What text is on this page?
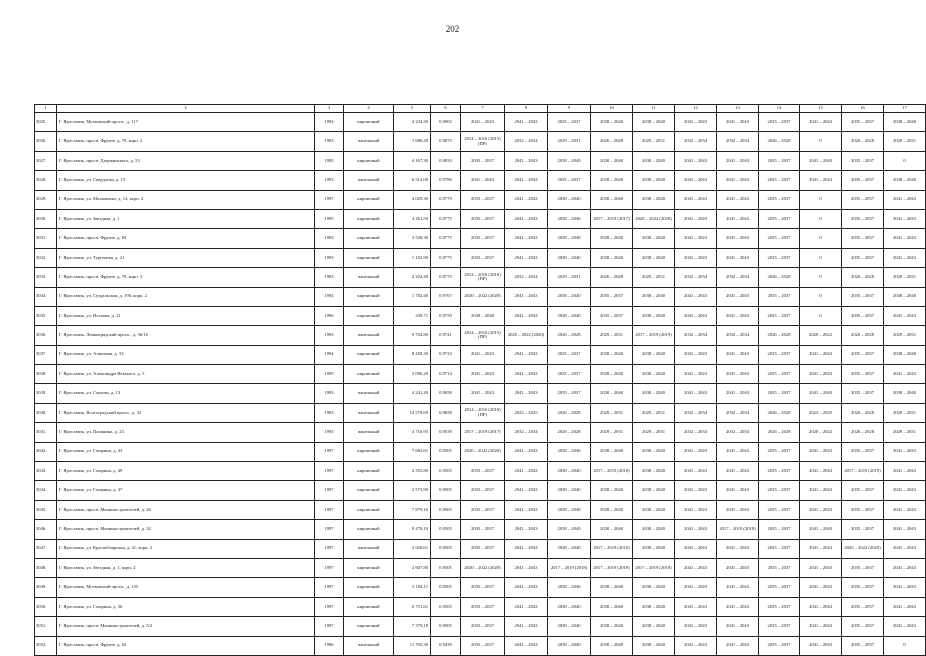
202
1	2	3	4	5	6	7	8	9	10	11	12	13	14	15	16	17
3025.	Г. Ярославль, Московский просп., д. 117	1992	кирпичный	4 234,30	0,9902	2041 – 2043	2041 – 2043	2035 – 2037	2038 – 2040	2038 – 2040	2041 – 2043	2041 – 2043	2035 – 2037	2041 – 2043	2035 – 2037	2038 – 2040
3026.	Г. Ярославль, просп. Фрунзе, д. 79, корп. 2	1993	панельный	1 686,20	0,9875	2014 – 2016 (2015) (ПР)	2032 – 2034	2029 – 2031	2026 – 2028	2029 – 2031	2032 – 2034	2032 – 2034	2026 – 2028	0	2026 – 2028	2029 – 2031
3027.	Г. Ярославль, просп. Дзержинского, д. 53	1995	кирпичный	4 167,30	0,9833	2035 – 2037	2041 – 2043	2038 – 2040	2038 – 2040	2038 – 2040	2041 – 2043	2041 – 2043	2035 – 2037	2041 – 2043	2035 – 2037	0
3028.	Г. Ярославль, ул. Свердлова, д. 15	1993	панельный	6 512,00	0,9786	2041 – 2043	2041 – 2043	2035 – 2037	2038 – 2040	2038 – 2040	2041 – 2043	2041 – 2043	2035 – 2037	2041 – 2043	2035 – 2037	2038 – 2040
3029.	Г. Ярославль, ул. Малашенко, д. 14, корп. 2	1997	кирпичный	4 029,30	0,9779	2035 – 2037	2041 – 2043	2038 – 2040	2038 – 2040	2038 – 2040	2041 – 2043	2041 – 2043	2035 – 2037	0	2035 – 2037	2041 – 2043
3030.	Г. Ярославль, ул. Звездная, д. 1	1995	кирпичный	4 261,50	0,9775	2035 – 2037	2041 – 2043	2038 – 2040	2017 – 2019 (2017)	2020 – 2022 (2020)	2041 – 2043	2041 – 2043	2035 – 2037	0	2035 – 2037	2041 – 2043
3031.	Г. Ярославль, просп. Фрунзе, д. 83	1993	кирпичный	3 528,30	0,9775	2035 – 2037	2041 – 2043	2038 – 2040	2038 – 2040	2038 – 2040	2041 – 2043	2041 – 2043	2035 – 2037	0	2035 – 2037	2041 – 2043
3032.	Г. Ярославль, ул. Тургенева, д. 21	1993	кирпичный	1 192,90	0,9775	2035 – 2037	2041 – 2043	2038 – 2040	2038 – 2040	2038 – 2040	2041 – 2043	2041 – 2043	2035 – 2037	0	2035 – 2037	2041 – 2043
3033.	Г. Ярославль, просп. Фрунзе, д. 79, корп. 3	1993	панельный	2 202,40	0,9775	2014 – 2016 (2016) (ПР)	2032 – 2034	2029 – 2031	2026 – 2028	2029 – 2031	2032 – 2034	2032 – 2034	2026 – 2028	0	2026 – 2028	2029 – 2031
3034.	Г. Ярославль, ул. Суздальская, д. 190, корп. 2	1994	кирпичный	1 782,40	0,9767	2020 – 2022 (2020)	2041 – 2043	2038 – 2040	2035 – 2037	2038 – 2040	2041 – 2043	2041 – 2043	2035 – 2037	0	2035 – 2037	2038 – 2040
3035.	Г. Ярославль, ул. Носкова, д. 21	1996	кирпичный	339,71	0,9759	2038 – 2040	2041 – 2043	2038 – 2040	2035 – 2037	2038 – 2040	2041 – 2043	2041 – 2043	2035 – 2037	0	2035 – 2037	2041 – 2043
3036.	Г. Ярославль, Ленинградский просп., д. 36/16	1993	панельный	9 704,80	0,9741	2014 – 2016 (2015) (ПР)	2020 – 2022 (2020)	2026 – 2028	2029 – 2031	2017 – 2019 (2019)	2032 – 2034	2032 – 2034	2026 – 2028	2020 – 2022	2026 – 2028	2029 – 2031
3037.	Г. Ярославль, ул. Алмазная, д. 33	1994	кирпичный	8 458,30	0,9733	2041 – 2043	2041 – 2043	2035 – 2037	2038 – 2040	2038 – 2040	2041 – 2043	2041 – 2043	2035 – 2037	2041 – 2043	2035 – 2037	2038 – 2040
3038.	Г. Ярославль, ул. Александра Невского, д. 5	1995	кирпичный	5 096,20	0,9714	2041 – 2043	2041 – 2043	2035 – 2037	2038 – 2040	2038 – 2040	2041 – 2043	2041 – 2043	2035 – 2037	2041 – 2043	2035 – 2037	2041 – 2043
3039.	Г. Ярославль, ул. Саукова, д. 13	1993	панельный	4 241,20	0,9658	2041 – 2043	2041 – 2043	2035 – 2037	2038 – 2040	2038 – 2040	2041 – 2043	2041 – 2043	2035 – 2037	2041 – 2043	2035 – 2037	2038 – 2040
3040.	Г. Ярославль, Волгоградский просп., д. 32	1993	панельный	14 578,69	0,9658	2014 – 2016 (2016) (ПР)	2023 – 2025	2026 – 2028	2029 – 2031	2029 – 2031	2032 – 2034	2032 – 2034	2026 – 2028	2023 – 2025	2026 – 2028	2029 – 2031
3041.	Г. Ярославль, ул. Папанина, д. 23	1993	панельный	4 716,93	0,9539	2017 – 2019 (2017)	2032 – 2034	2026 – 2028	2029 – 2031	2029 – 2031	2032 – 2034	2032 – 2034	2026 – 2028	2020 – 2022	2026 – 2028	2029 – 2031
3042.	Г. Ярославль, ул. Гагарина, д. 43	1997	кирпичный	7 683,61	0,9505	2020 – 2022 (2020)	2041 – 2043	2038 – 2040	2038 – 2040	2038 – 2040	2041 – 2043	2041 – 2043	2035 – 2037	2041 – 2043	2035 – 2037	2041 – 2043
3043.	Г. Ярославль, ул. Гагарина, д. 49	1997	кирпичный	2 355,80	0,9505	2035 – 2037	2041 – 2043	2038 – 2040	2017 – 2019 (2018)	2038 – 2040	2041 – 2043	2041 – 2043	2035 – 2037	2041 – 2043	2017 – 2019 (2019)	2041 – 2043
3044.	Г. Ярославль, ул. Гагарина, д. 47	1997	кирпичный	2 573,90	0,9505	2035 – 2037	2041 – 2043	2038 – 2040	2038 – 2040	2038 – 2040	2041 – 2043	2041 – 2043	2035 – 2037	2041 – 2043	2035 – 2037	2041 – 2043
3045.	Г. Ярославль, просп. Машиностроителей, д. 26	1997	кирпичный	7 879,16	0,9505	2035 – 2037	2041 – 2043	2038 – 2040	2038 – 2040	2038 – 2040	2041 – 2043	2041 – 2043	2035 – 2037	2041 – 2043	2035 – 2037	2041 – 2043
3046.	Г. Ярославль, просп. Машиностроителей, д. 32	1997	кирпичный	8 470,10	0,9505	2035 – 2037	2041 – 2043	2038 – 2040	2038 – 2040	2038 – 2040	2041 – 2043	2017 – 2019 (2018)	2035 – 2037	2041 – 2043	2035 – 2037	2041 – 2043
3047.	Г. Ярославль, ул. Краснобоярская, д. 41, корп. 2	1997	панельный	3 920,61	0,9505	2035 – 2037	2041 – 2043	2038 – 2040	2017 – 2019 (2018)	2038 – 2040	2041 – 2043	2041 – 2043	2035 – 2037	2041 – 2043	2020 – 2022 (2020)	2041 – 2043
3048.	Г. Ярославль, ул. Звездная, д. 1, корп. 2	1997	кирпичный	2 607,80	0,9505	2020 – 2022 (2020)	2041 – 2043	2017 – 2019 (2018)	2017 – 2019 (2018)	2017 – 2019 (2018)	2041 – 2043	2041 – 2043	2035 – 2037	2041 – 2043	2035 – 2037	2041 – 2043
3049.	Г. Ярославль, Московский просп., д. 155	1997	кирпичный	5 104,11	0,9505	2035 – 2037	2041 – 2043	2038 – 2040	2038 – 2040	2038 – 2040	2041 – 2043	2041 – 2043	2035 – 2037	2041 – 2043	2035 – 2037	2041 – 2043
3050.	Г. Ярославль, ул. Гагарина, д. 36	1997	кирпичный	6 751,61	0,9505	2035 – 2037	2041 – 2043	2038 – 2040	2038 – 2040	2038 – 2040	2041 – 2043	2041 – 2043	2035 – 2037	2041 – 2043	2035 – 2037	2041 – 2043
3051.	Г. Ярославль, просп. Машиностроителей, д. 5/2	1997	кирпичный	7 379,18	0,9505	2035 – 2037	2041 – 2043	2038 – 2040	2038 – 2040	2038 – 2040	2041 – 2043	2041 – 2043	2035 – 2037	2041 – 2043	2035 – 2037	2041 – 2043
3052.	Г. Ярославль, просп. Фрунзе, д. 63	1996	панельный	11 705,30	0,9439	2035 – 2037	2041 – 2043	2038 – 2040	2038 – 2040	2038 – 2040	2041 – 2043	2041 – 2043	2035 – 2037	2041 – 2043	2035 – 2037	0
